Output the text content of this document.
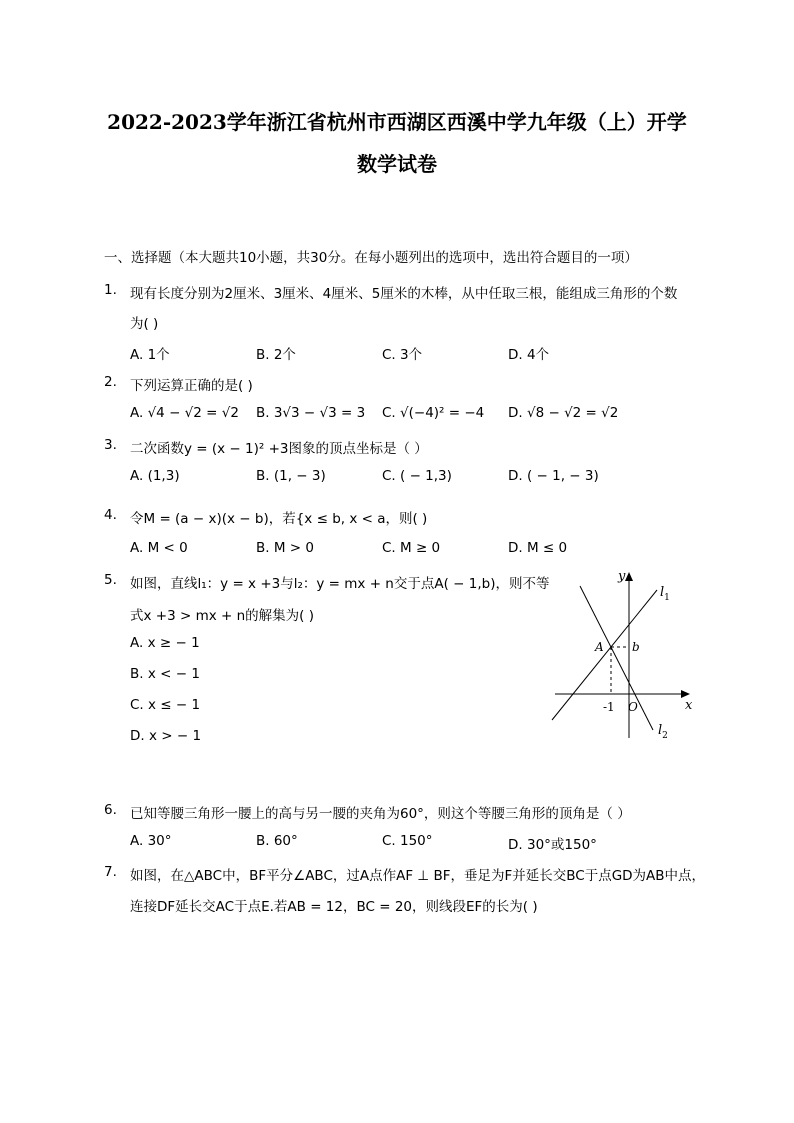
2022-2023学年浙江省杭州市西湖区西溪中学九年级（上）开学
数学试卷
一、选择题（本大题共10小题，共30分。在每小题列出的选项中，选出符合题目的一项）
1. 现有长度分别为2厘米、3厘米、4厘米、5厘米的木棒，从中任取三根，能组成三角形的个数
为( )
A. 1个	B. 2个	C. 3个	D. 4个
2. 下列运算正确的是( )
A. √4 − √2 = √2 B. 3√3 − √3 = 3 C. √(−4)² = −4 D. √8 − √2 = √2
3. 二次函数y = (x − 1)² +3图象的顶点坐标是（ ）
A. (1,3)	B. (1, − 3)	C. ( − 1,3)	D. ( − 1, − 3)
4. 令M = (a − x)(x − b)，若{x ≤ b, x < a，则( )
A. M < 0	B. M > 0	C. M ≥ 0	D. M ≤ 0
5. 如图，直线l₁：y = x +3与l₂：y = mx + n交于点A( − 1,b)，则不等
式x +3 > mx + n的解集为( )
A. x ≥ − 1
B. x < − 1
C. x ≤ − 1
D. x > − 1
y
x
$l_1$
$l_2$
A b
-1 O
6. 已知等腰三角形一腰上的高与另一腰的夹角为60°，则这个等腰三角形的顶角是（ ）
A. 30°	B. 60°	C. 150°	D. 30°或150°
7. 如图，在△ABC中，BF平分∠ABC，过A点作AF ⊥ BF，垂足为F并延长交BC于点GD为AB中点，
连接DF延长交AC于点E.若AB = 12，BC = 20，则线段EF的长为( )
